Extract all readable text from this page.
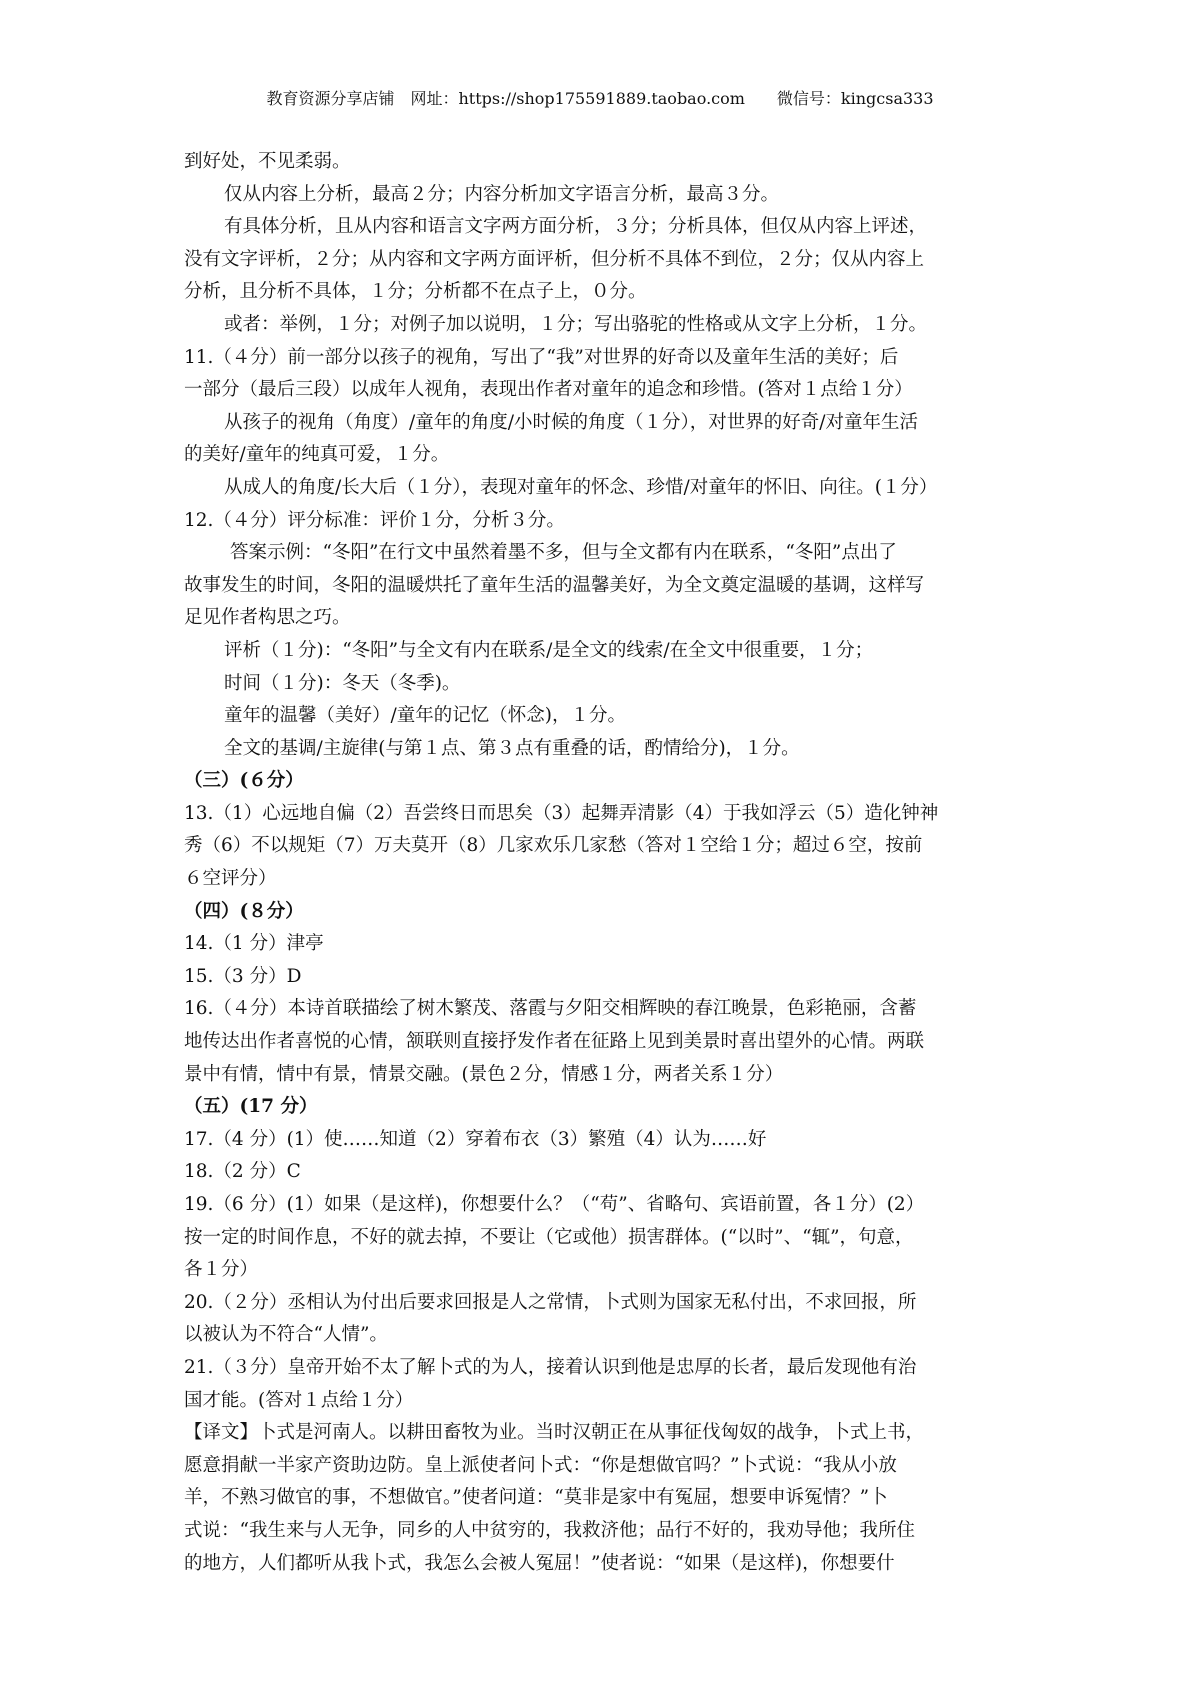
教育资源分享店铺　网址：https://shop175591889.taobao.com　　微信号：kingcsa333
到好处，不见柔弱。
仅从内容上分析，最高２分；内容分析加文字语言分析，最高３分。
有具体分析，且从内容和语言文字两方面分析，３分；分析具体，但仅从内容上评述，
没有文字评析，２分；从内容和文字两方面评析，但分析不具体不到位，２分；仅从内容上
分析，且分析不具体，１分；分析都不在点子上，０分。
或者：举例，１分；对例子加以说明，１分；写出骆驼的性格或从文字上分析，１分。
11.（４分）前一部分以孩子的视角，写出了“我”对世界的好奇以及童年生活的美好；后
一部分（最后三段）以成年人视角，表现出作者对童年的追念和珍惜。(答对１点给１分）
从孩子的视角（角度）/童年的角度/小时候的角度（１分），对世界的好奇/对童年生活
的美好/童年的纯真可爱，１分。
从成人的角度/长大后（１分），表现对童年的怀念、珍惜/对童年的怀旧、向往。(１分）
12.（４分）评分标准：评价１分，分析３分。
答案示例：“冬阳”在行文中虽然着墨不多，但与全文都有内在联系，“冬阳”点出了
故事发生的时间，冬阳的温暖烘托了童年生活的温馨美好，为全文奠定温暖的基调，这样写
足见作者构思之巧。
评析（１分)：“冬阳”与全文有内在联系/是全文的线索/在全文中很重要，１分；
时间（１分)：冬天（冬季)。
童年的温馨（美好）/童年的记忆（怀念)，１分。
全文的基调/主旋律(与第１点、第３点有重叠的话，酌情给分)，１分。
（三）(６分）
13.（1）心远地自偏（2）吾尝终日而思矣（3）起舞弄清影（4）于我如浮云（5）造化钟神
秀（6）不以规矩（7）万夫莫开（8）几家欢乐几家愁（答对１空给１分；超过６空，按前
６空评分）
（四）(８分）
14.（1 分）津亭
15.（3 分）D
16.（４分）本诗首联描绘了树木繁茂、落霞与夕阳交相辉映的春江晚景，色彩艳丽，含蓄
地传达出作者喜悦的心情，颔联则直接抒发作者在征路上见到美景时喜出望外的心情。两联
景中有情，情中有景，情景交融。(景色２分，情感１分，两者关系１分）
（五）(17 分）
17.（4 分）(1）使……知道（2）穿着布衣（3）繁殖（4）认为……好
18.（2 分）C
19.（6 分）(1）如果（是这样)，你想要什么？（“苟”、省略句、宾语前置，各１分）(2）
按一定的时间作息，不好的就去掉，不要让（它或他）损害群体。(“以时”、“辄”，句意，
各１分）
20.（２分）丞相认为付出后要求回报是人之常情，卜式则为国家无私付出，不求回报，所
以被认为不符合“人情”。
21.（３分）皇帝开始不太了解卜式的为人，接着认识到他是忠厚的长者，最后发现他有治
国才能。(答对１点给１分）
【译文】卜式是河南人。以耕田畜牧为业。当时汉朝正在从事征伐匈奴的战争，卜式上书，
愿意捐献一半家产资助边防。皇上派使者问卜式：“你是想做官吗？”卜式说：“我从小放
羊，不熟习做官的事，不想做官。”使者问道：“莫非是家中有冤屈，想要申诉冤情？”卜
式说：“我生来与人无争，同乡的人中贫穷的，我救济他；品行不好的，我劝导他；我所住
的地方，人们都听从我卜式，我怎么会被人冤屈！”使者说：“如果（是这样)，你想要什
